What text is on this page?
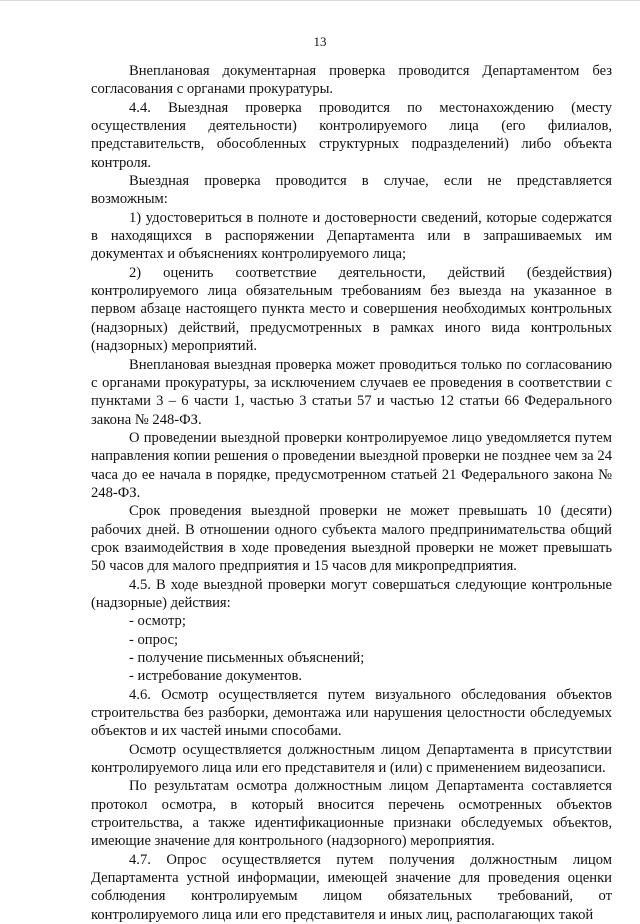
13

Внеплановая документарная проверка проводится Департаментом без согласования с органами прокуратуры.

4.4. Выездная проверка проводится по местонахождению (месту осуществления деятельности) контролируемого лица (его филиалов, представительств, обособленных структурных подразделений) либо объекта контроля.

Выездная проверка проводится в случае, если не представляется возможным:

1) удостовериться в полноте и достоверности сведений, которые содержатся в находящихся в распоряжении Департамента или в запрашиваемых им документах и объяснениях контролируемого лица;

2) оценить соответствие деятельности, действий (бездействия) контролируемого лица обязательным требованиям без выезда на указанное в первом абзаце настоящего пункта место и совершения необходимых контрольных (надзорных) действий, предусмотренных в рамках иного вида контрольных (надзорных) мероприятий.

Внеплановая выездная проверка может проводиться только по согласованию с органами прокуратуры, за исключением случаев ее проведения в соответствии с пунктами 3 – 6 части 1, частью 3 статьи 57 и частью 12 статьи 66 Федерального закона № 248-ФЗ.

О проведении выездной проверки контролируемое лицо уведомляется путем направления копии решения о проведении выездной проверки не позднее чем за 24 часа до ее начала в порядке, предусмотренном статьей 21 Федерального закона № 248-ФЗ.

Срок проведения выездной проверки не может превышать 10 (десяти) рабочих дней. В отношении одного субъекта малого предпринимательства общий срок взаимодействия в ходе проведения выездной проверки не может превышать 50 часов для малого предприятия и 15 часов для микропредприятия.

4.5. В ходе выездной проверки могут совершаться следующие контрольные (надзорные) действия:

- осмотр;

- опрос;

- получение письменных объяснений;

- истребование документов.

4.6. Осмотр осуществляется путем визуального обследования объектов строительства без разборки, демонтажа или нарушения целостности обследуемых объектов и их частей иными способами.

Осмотр осуществляется должностным лицом Департамента в присутствии контролируемого лица или его представителя и (или) с применением видеозаписи.

По результатам осмотра должностным лицом Департамента составляется протокол осмотра, в который вносится перечень осмотренных объектов строительства, а также идентификационные признаки обследуемых объектов, имеющие значение для контрольного (надзорного) мероприятия.

4.7. Опрос осуществляется путем получения должностным лицом Департамента устной информации, имеющей значение для проведения оценки соблюдения контролируемым лицом обязательных требований, от контролируемого лица или его представителя и иных лиц, располагающих такой
